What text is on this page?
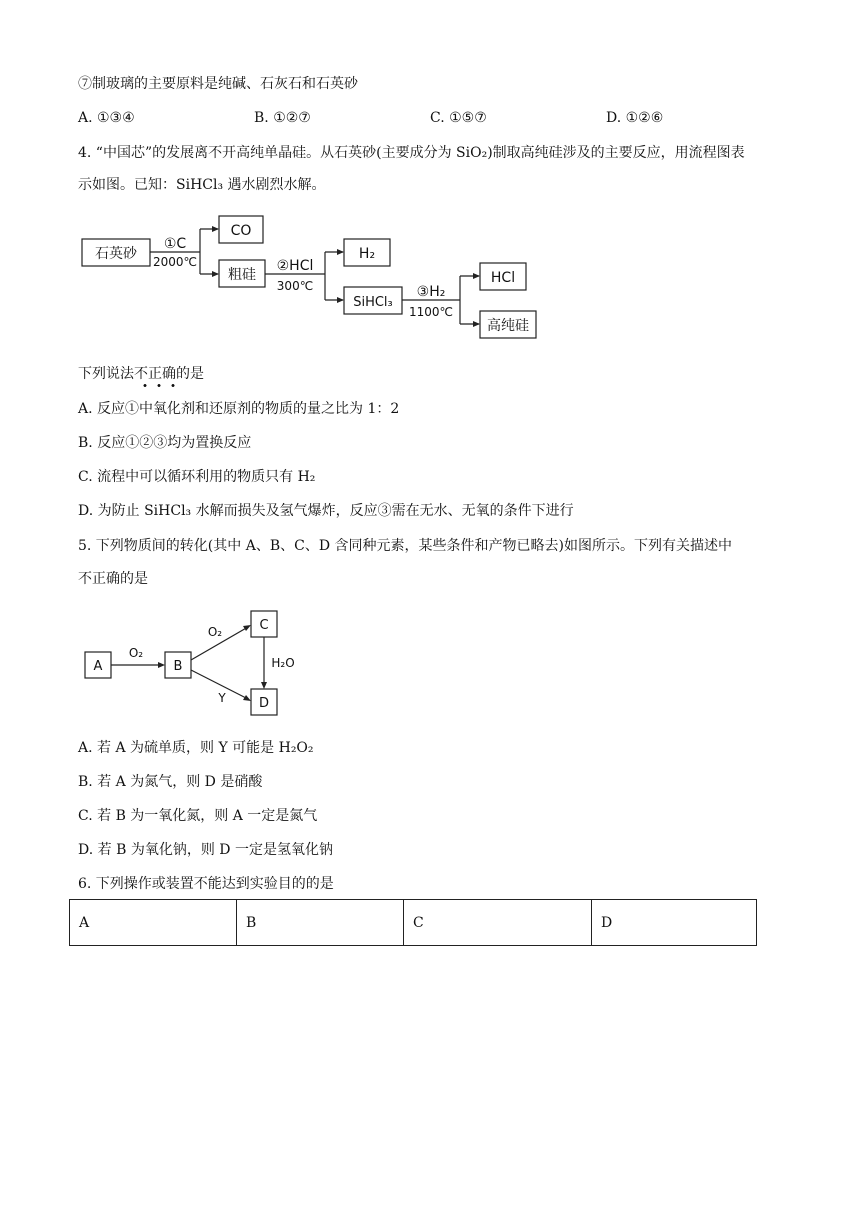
⑦制玻璃的主要原料是纯碱、石灰石和石英砂
A. ①③④	B. ①②⑦	C. ①⑤⑦	D. ①②⑥
4. “中国芯”的发展离不开高纯单晶硅。从石英砂(主要成分为 SiO₂)制取高纯硅涉及的主要反应，用流程图表
示如图。已知：SiHCl₃ 遇水剧烈水解。
石英砂
①C
2000℃
CO
粗硅
②HCl
300℃
H₂
SiHCl₃
③H₂
1100℃
HCl
高纯硅
下列说法不正确的是
A. 反应①中氧化剂和还原剂的物质的量之比为 1：2
B. 反应①②③均为置换反应
C. 流程中可以循环利用的物质只有 H₂
D. 为防止 SiHCl₃ 水解而损失及氢气爆炸，反应③需在无水、无氧的条件下进行
5. 下列物质间的转化(其中 A、B、C、D 含同种元素，某些条件和产物已略去)如图所示。下列有关描述中
不正确的是
A	B
C
D
O₂
O₂
Y
H₂O
A. 若 A 为硫单质，则 Y 可能是 H₂O₂
B. 若 A 为氮气，则 D 是硝酸
C. 若 B 为一氧化氮，则 A 一定是氮气
D. 若 B 为氧化钠，则 D 一定是氢氧化钠
6. 下列操作或装置不能达到实验目的的是
A	B	C	D
